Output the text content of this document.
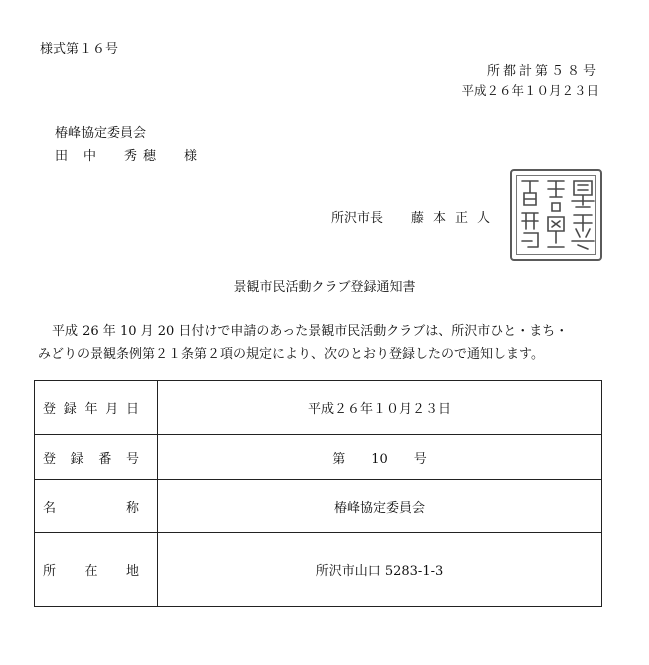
様式第１６号
所都計第５８号
平成２６年１０月２３日
椿峰協定委員会
田 中 秀 穂 様
所沢市長 藤本正人
景観市民活動クラブ登録通知書

平成 26 年 10 月 20 日付けで申請のあった景観市民活動クラブは、所沢市ひと・まち・

みどりの景観条例第２１条第２項の規定により、次のとおり登録したので通知します。

登 録 年 月 日	平成２６年１０月２３日

登 録 番 号	第　　10　　号

名 称	椿峰協定委員会

所 在 地	所沢市山口 5283-1-3
